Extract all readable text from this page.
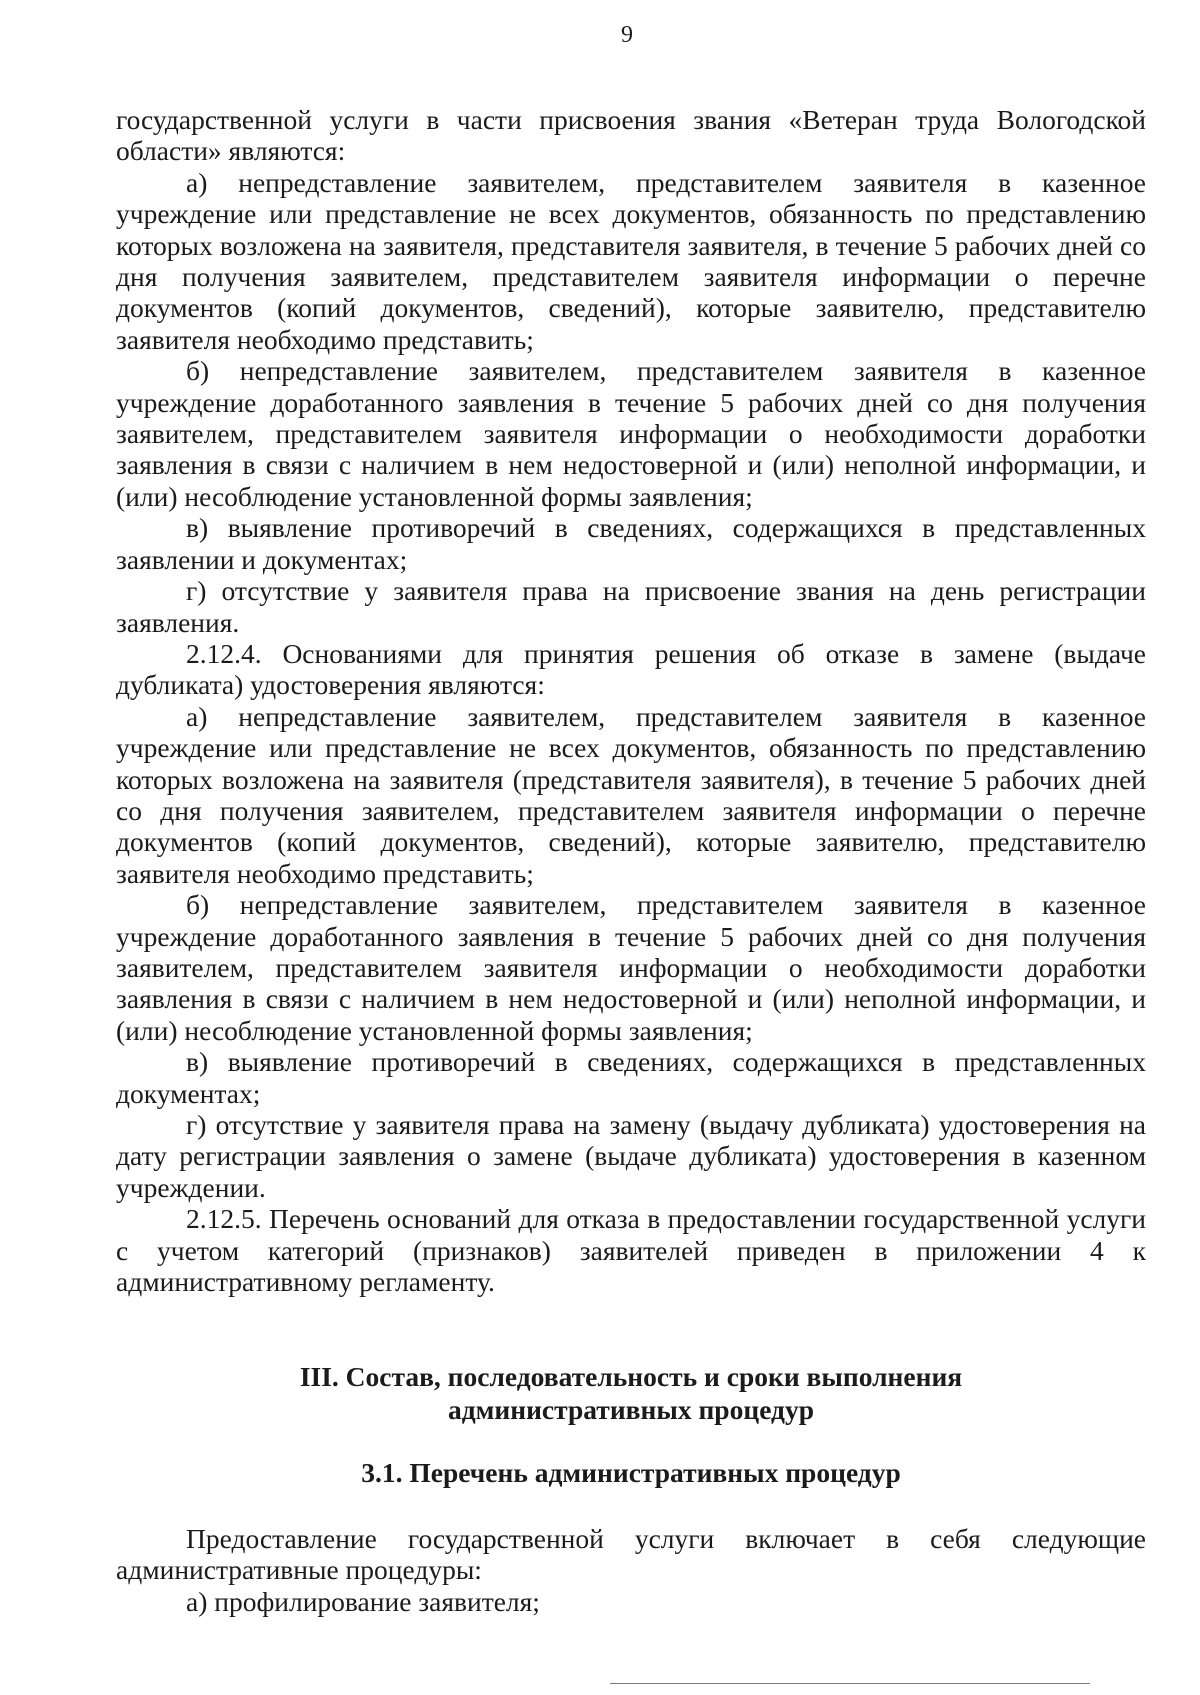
9

государственной услуги в части присвоения звания «Ветеран труда Вологодской области» являются:

а) непредставление заявителем, представителем заявителя в казенное учреждение или представление не всех документов, обязанность по представлению которых возложена на заявителя, представителя заявителя, в течение 5 рабочих дней со дня получения заявителем, представителем заявителя информации о перечне документов (копий документов, сведений), которые заявителю, представителю заявителя необходимо представить;

б) непредставление заявителем, представителем заявителя в казенное учреждение доработанного заявления в течение 5 рабочих дней со дня получения заявителем, представителем заявителя информации о необходимости доработки заявления в связи с наличием в нем недостоверной и (или) неполной информации, и (или) несоблюдение установленной формы заявления;

в) выявление противоречий в сведениях, содержащихся в представленных заявлении и документах;

г) отсутствие у заявителя права на присвоение звания на день регистрации заявления.

2.12.4. Основаниями для принятия решения об отказе в замене (выдаче дубликата) удостоверения являются:

а) непредставление заявителем, представителем заявителя в казенное учреждение или представление не всех документов, обязанность по представлению которых возложена на заявителя (представителя заявителя), в течение 5 рабочих дней со дня получения заявителем, представителем заявителя информации о перечне документов (копий документов, сведений), которые заявителю, представителю заявителя необходимо представить;

б) непредставление заявителем, представителем заявителя в казенное учреждение доработанного заявления в течение 5 рабочих дней со дня получения заявителем, представителем заявителя информации о необходимости доработки заявления в связи с наличием в нем недостоверной и (или) неполной информации, и (или) несоблюдение установленной формы заявления;

в) выявление противоречий в сведениях, содержащихся в представленных документах;

г) отсутствие у заявителя права на замену (выдачу дубликата) удостоверения на дату регистрации заявления о замене (выдаче дубликата) удостоверения в казенном учреждении.

2.12.5. Перечень оснований для отказа в предоставлении государственной услуги с учетом категорий (признаков) заявителей приведен в приложении 4 к административному регламенту.

III. Состав, последовательность и сроки выполнения
административных процедур
3.1. Перечень административных процедур

Предоставление государственной услуги включает в себя следующие административные процедуры:

а) профилирование заявителя;
